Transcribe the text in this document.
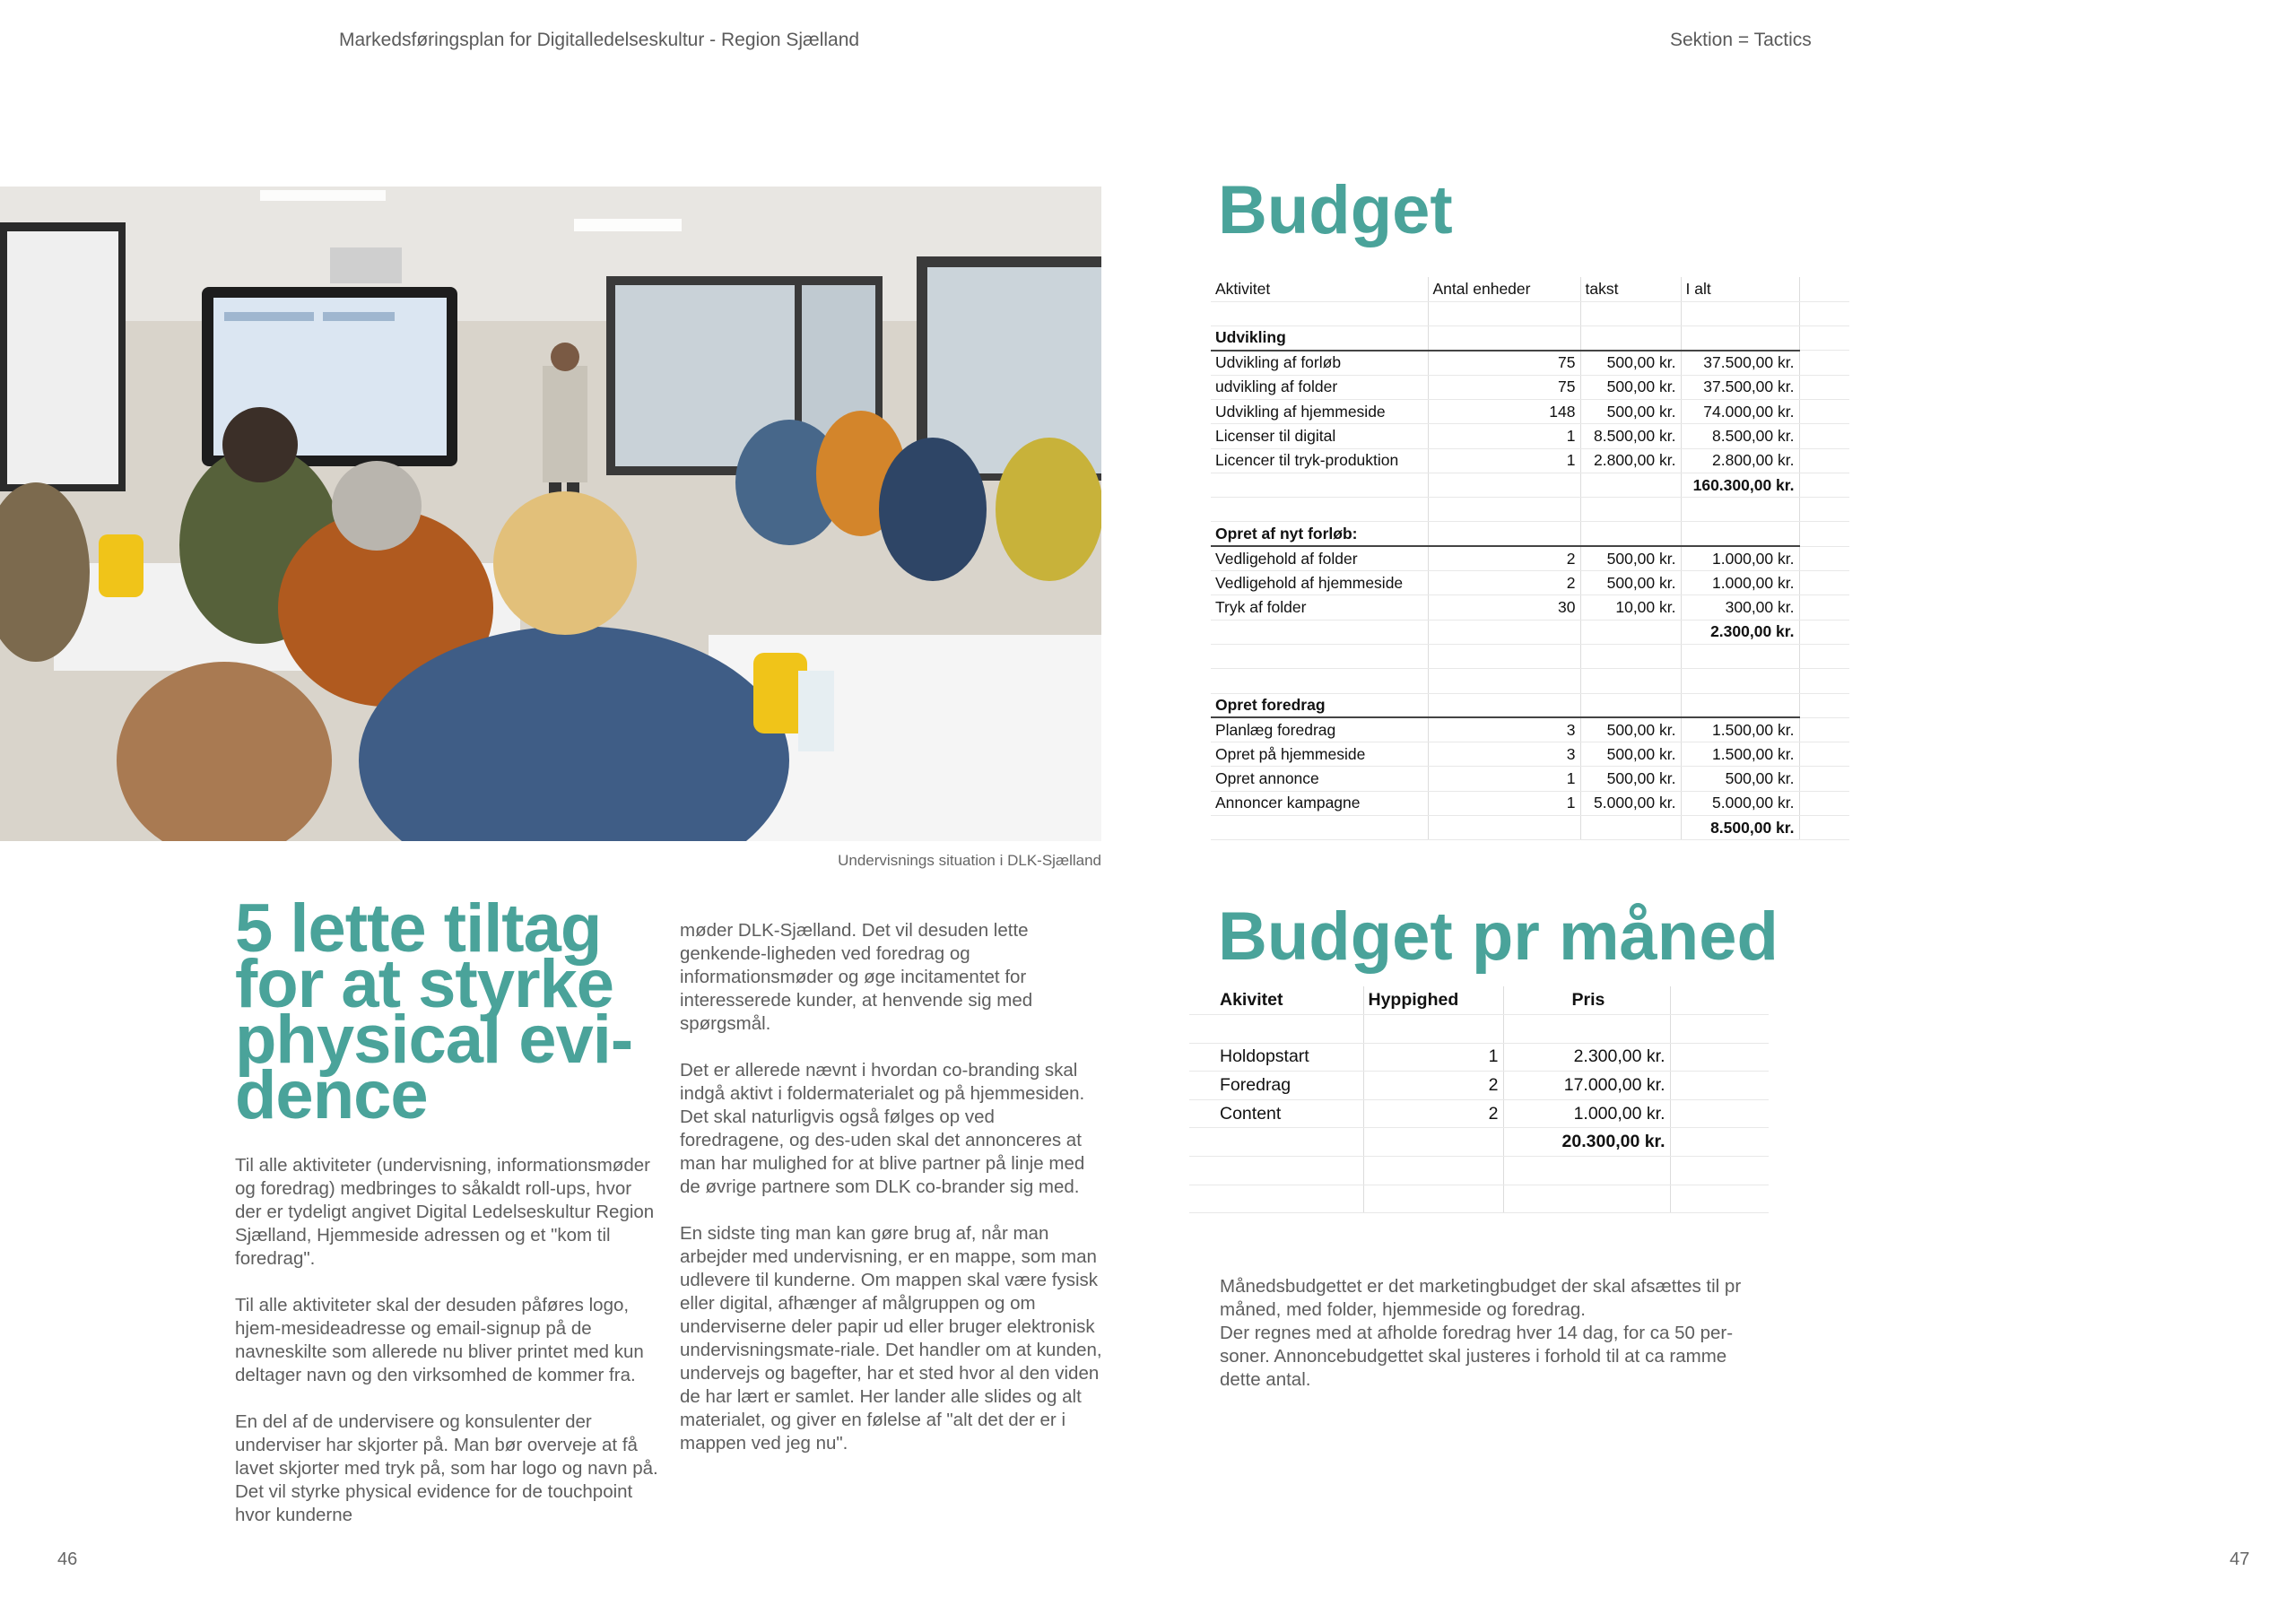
Markedsføringsplan for Digitalledelseskultur - Region Sjælland	Sektion = Tactics
Undervisnings situation i DLK-Sjælland
5 lette tiltag
for at styrke
physical evi-
dence

Til alle aktiviteter (undervisning, informationsmøder og foredrag) medbringes to såkaldt roll-ups, hvor der er tydeligt angivet Digital Ledelseskultur Region Sjælland, Hjemmeside adressen og et "kom til foredrag".

Til alle aktiviteter skal der desuden påføres logo, hjem-mesideadresse og email-signup på de navneskilte som allerede nu bliver printet med kun deltager navn og den virksomhed de kommer fra.

En del af de undervisere og konsulenter der underviser har skjorter på. Man bør overveje at få lavet skjorter med tryk på, som har logo og navn på. Det vil styrke physical evidence for de touchpoint hvor kunderne

møder DLK-Sjælland. Det vil desuden lette genkende-ligheden ved foredrag og informationsmøder og øge incitamentet for interesserede kunder, at henvende sig med spørgsmål.

Det er allerede nævnt i hvordan co-branding skal indgå aktivt i foldermaterialet og på hjemmesiden. Det skal naturligvis også følges op ved foredragene, og des-uden skal det annonceres at man har mulighed for at blive partner på linje med de øvrige partnere som DLK co-brander sig med.

En sidste ting man kan gøre brug af, når man arbejder med undervisning, er en mappe, som man udlevere til kunderne. Om mappen skal være fysisk eller digital, afhænger af målgruppen og om underviserne deler papir ud eller bruger elektronisk undervisningsmate-riale. Det handler om at kunden, undervejs og bagefter, har et sted hvor al den viden de har lært er samlet. Her lander alle slides og alt materialet, og giver en følelse af "alt det der er i mappen ved jeg nu".

Budget
Aktivitet	Antal enheder	takst	I alt	

Udvikling				
Udvikling af forløb	75	500,00 kr.	37.500,00 kr.	
udvikling af folder	75	500,00 kr.	37.500,00 kr.	
Udvikling af hjemmeside	148	500,00 kr.	74.000,00 kr.	
Licenser til digital	1	8.500,00 kr.	8.500,00 kr.	
Licencer til tryk-produktion	1	2.800,00 kr.	2.800,00 kr.	
			160.300,00 kr.	

Opret af nyt forløb:				
Vedligehold af folder	2	500,00 kr.	1.000,00 kr.	
Vedligehold af hjemmeside	2	500,00 kr.	1.000,00 kr.	
Tryk af folder	30	10,00 kr.	300,00 kr.	
			2.300,00 kr.	

Opret foredrag				
Planlæg foredrag	3	500,00 kr.	1.500,00 kr.	
Opret på hjemmeside	3	500,00 kr.	1.500,00 kr.	
Opret annonce	1	500,00 kr.	500,00 kr.	
Annoncer kampagne	1	5.000,00 kr.	5.000,00 kr.	
			8.500,00 kr.	
Budget pr måned
Akivitet	Hyppighed	Pris	

Holdopstart	1	2.300,00 kr.	
Foredrag	2	17.000,00 kr.	
Content	2	1.000,00 kr.	
		20.300,00 kr.	

Månedsbudgettet er det marketingbudget der skal afsættes til pr måned, med folder, hjemmeside og foredrag.

Der regnes med at afholde foredrag hver 14 dag, for ca 50 per-soner. Annoncebudgettet skal justeres i forhold til at ca ramme dette antal.

46	47
